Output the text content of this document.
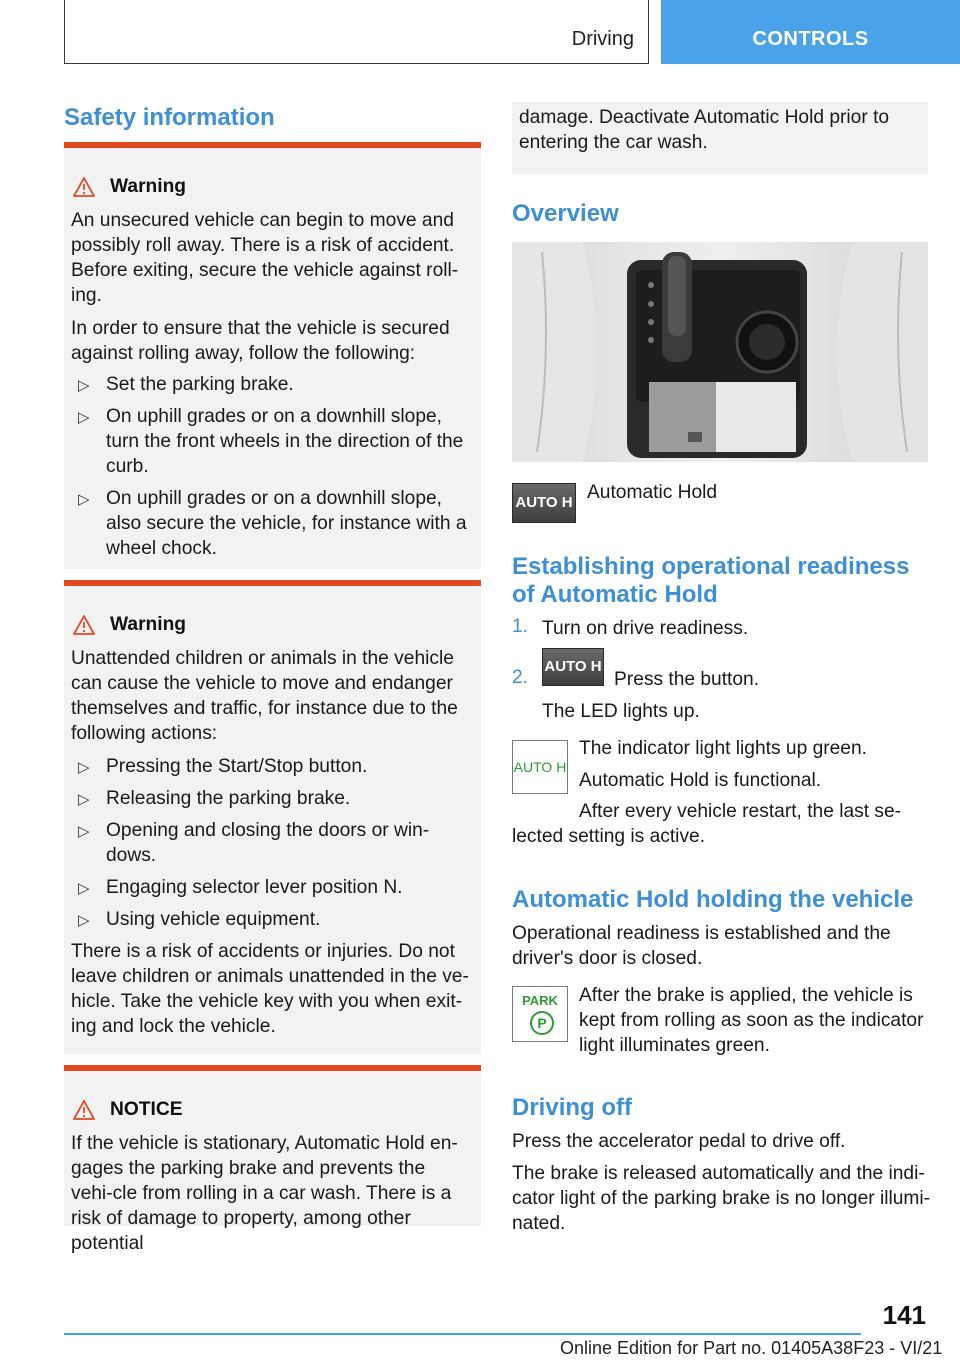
Driving	CONTROLS
Safety information
Warning

An unsecured vehicle can begin to move and possibly roll away. There is a risk of accident. Before exiting, secure the vehicle against roll-ing.

In order to ensure that the vehicle is secured against rolling away, follow the following:

▷ Set the parking brake.

▷ On uphill grades or on a downhill slope, turn the front wheels in the direction of the curb.

▷ On uphill grades or on a downhill slope, also secure the vehicle, for instance with a wheel chock.

Warning

Unattended children or animals in the vehicle can cause the vehicle to move and endanger themselves and traffic, for instance due to the following actions:

▷ Pressing the Start/Stop button.

▷ Releasing the parking brake.

▷ Opening and closing the doors or win-dows.

▷ Engaging selector lever position N.

▷ Using vehicle equipment.

There is a risk of accidents or injuries. Do not leave children or animals unattended in the ve-hicle. Take the vehicle key with you when exit-ing and lock the vehicle.

NOTICE

If the vehicle is stationary, Automatic Hold en-gages the parking brake and prevents the vehi-cle from rolling in a car wash. There is a risk of damage to property, among other potential

damage. Deactivate Automatic Hold prior to entering the car wash.

Overview
AUTO H Automatic Hold

Establishing operational readiness of Automatic Hold
1. Turn on drive readiness.

2.
AUTO H

Press the button.

The LED lights up.

AUTO H

The indicator light lights up green.

Automatic Hold is functional.

After every vehicle restart, the last se-lected setting is active.

Automatic Hold holding the vehicle

Operational readiness is established and the driver's door is closed.

PARK
P

After the brake is applied, the vehicle is kept from rolling as soon as the indicator light illuminates green.

Driving off

Press the accelerator pedal to drive off.

The brake is released automatically and the indi-cator light of the parking brake is no longer illumi-nated.

141
Online Edition for Part no. 01405A38F23 - VI/21
